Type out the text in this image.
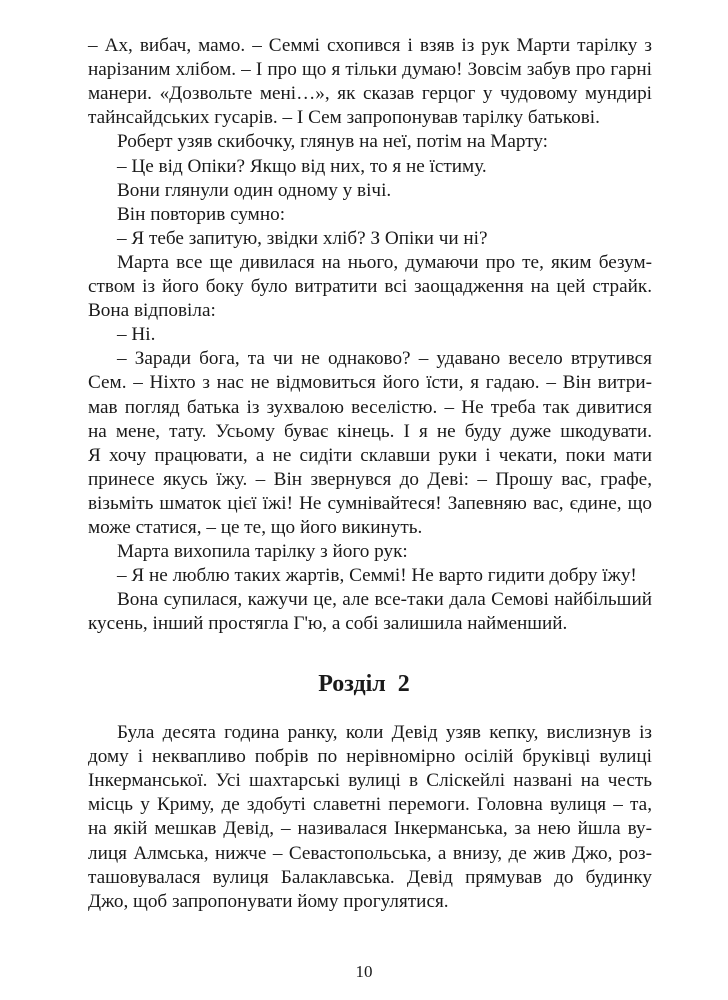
– Ах, вибач, мамо. – Семмі схопився і взяв із рук Марти тарілку з
нарізаним хлібом. – І про що я тільки думаю! Зовсім забув про гарні
манери. «Дозвольте мені…», як сказав герцог у чудовому мундирі
тайнсайдських гусарів. – І Сем запропонував тарілку батькові.
Роберт узяв скибочку, глянув на неї, потім на Марту:
– Це від Опіки? Якщо від них, то я не їстиму.
Вони глянули один одному у вічі.
Він повторив сумно:
– Я тебе запитую, звідки хліб? З Опіки чи ні?
Марта все ще дивилася на нього, думаючи про те, яким безум-
ством із його боку було витратити всі заощадження на цей страйк.
Вона відповіла:
– Ні.
– Заради бога, та чи не однаково? – удавано весело втрутився
Сем. – Ніхто з нас не відмовиться його їсти, я гадаю. – Він витри-
мав погляд батька із зухвалою веселістю. – Не треба так дивитися
на мене, тату. Усьому буває кінець. І я не буду дуже шкодувати.
Я хочу працювати, а не сидіти склавши руки і чекати, поки мати
принесе якусь їжу. – Він звернувся до Деві: – Прошу вас, графе,
візьміть шматок цієї їжі! Не сумнівайтеся! Запевняю вас, єдине, що
може статися, – це те, що його викинуть.
Марта вихопила тарілку з його рук:
– Я не люблю таких жартів, Семмі! Не варто гидити добру їжу!
Вона супилася, кажучи це, але все-таки дала Семові найбільший
кусень, інший простягла Г'ю, а собі залишила найменший.
Розділ 2
Була десята година ранку, коли Девід узяв кепку, вислизнув із
дому і неквапливо побрів по нерівномірно осілій бруківці вулиці
Інкерманської. Усі шахтарські вулиці в Слiскейлі названі на честь
місць у Криму, де здобуті славетні перемоги. Головна вулиця – та,
на якій мешкав Девід, – називалася Інкерманська, за нею йшла ву-
лиця Алмська, нижче – Севастопольська, а внизу, де жив Джо, роз-
ташовувалася вулиця Балаклавська. Девід прямував до будинку
Джо, щоб запропонувати йому прогулятися.
10
